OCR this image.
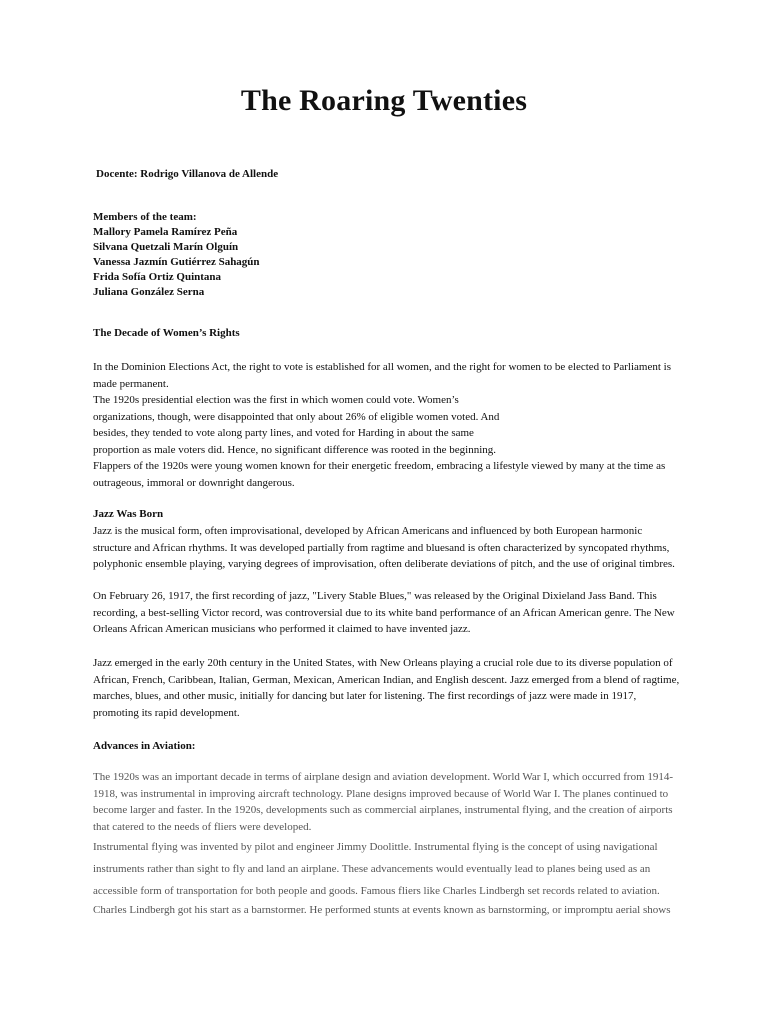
The Roaring Twenties
Docente: Rodrigo Villanova de Allende
Members of the team:
Mallory Pamela Ramírez Peña
Silvana Quetzali Marín Olguín
Vanessa Jazmín Gutiérrez Sahagún
Frida Sofía Ortiz Quintana
Juliana González Serna
The Decade of Women’s Rights

In the Dominion Elections Act, the right to vote is established for all women, and the right for women to be elected to Parliament is made permanent.

The 1920s presidential election was the first in which women could vote. Women’s

organizations, though, were disappointed that only about 26% of eligible women voted. And

besides, they tended to vote along party lines, and voted for Harding in about the same

proportion as male voters did. Hence, no significant difference was rooted in the beginning.

Flappers of the 1920s were young women known for their energetic freedom, embracing a lifestyle viewed by many at the time as outrageous, immoral or downright dangerous.

Jazz Was Born

Jazz is the musical form, often improvisational, developed by African Americans and influenced by both European harmonic structure and African rhythms. It was developed partially from ragtime and bluesand is often characterized by syncopated rhythms, polyphonic ensemble playing, varying degrees of improvisation, often deliberate deviations of pitch, and the use of original timbres.

On February 26, 1917, the first recording of jazz, "Livery Stable Blues," was released by the Original Dixieland Jass Band. This recording, a best-selling Victor record, was controversial due to its white band performance of an African American genre. The New Orleans African American musicians who performed it claimed to have invented jazz.

Jazz emerged in the early 20th century in the United States, with New Orleans playing a crucial role due to its diverse population of African, French, Caribbean, Italian, German, Mexican, American Indian, and English descent. Jazz emerged from a blend of ragtime, marches, blues, and other music, initially for dancing but later for listening. The first recordings of jazz were made in 1917, promoting its rapid development.

Advances in Aviation:

The 1920s was an important decade in terms of airplane design and aviation development. World War I, which occurred from 1914-1918, was instrumental in improving aircraft technology. Plane designs improved because of World War I. The planes continued to become larger and faster. In the 1920s, developments such as commercial airplanes, instrumental flying, and the creation of airports that catered to the needs of fliers were developed.

Instrumental flying was invented by pilot and engineer Jimmy Doolittle. Instrumental flying is the concept of using navigational instruments rather than sight to fly and land an airplane. These advancements would eventually lead to planes being used as an accessible form of transportation for both people and goods. Famous fliers like Charles Lindbergh set records related to aviation.

Charles Lindbergh got his start as a barnstormer. He performed stunts at events known as barnstorming, or impromptu aerial shows
